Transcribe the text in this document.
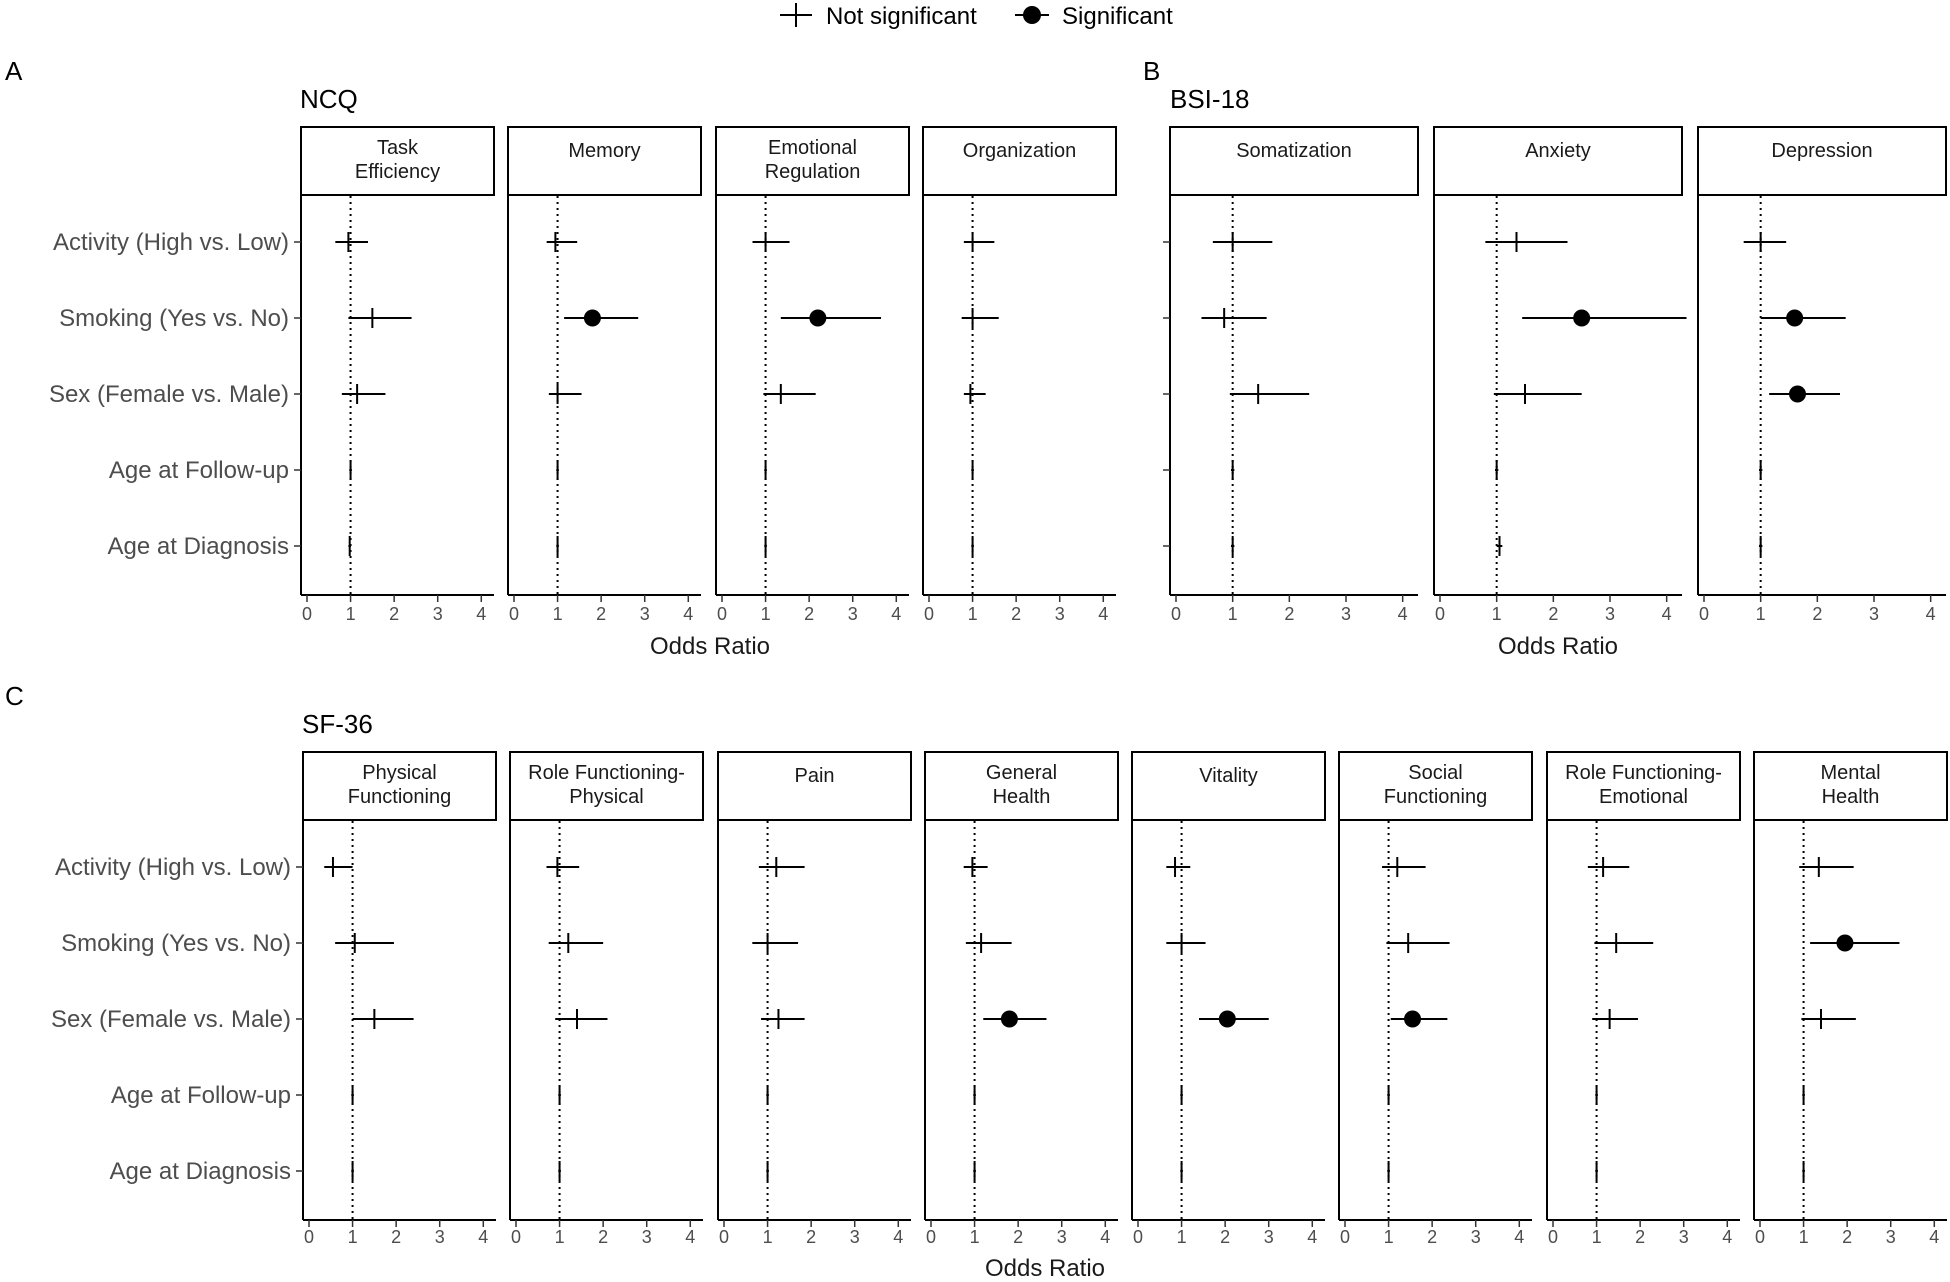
Not significant	Significant
A
NCQ
Activity (High vs. Low)
Smoking (Yes vs. No)
Sex (Female vs. Male)
Age at Follow-up
Age at Diagnosis
Task
Efficiency
0 1 2 3 4
Memory
0 1 2 3 4
Emotional
Regulation
0 1 2 3 4
Organization
0 1 2 3 4
Odds Ratio
B
BSI-18
Somatization
0	1	2	3	4
Anxiety
0	1	2	3	4
Depression
0	1	2	3	4
Odds Ratio
C
SF-36
Activity (High vs. Low)
Smoking (Yes vs. No)
Sex (Female vs. Male)
Age at Follow-up
Age at Diagnosis
Physical
Functioning
0 1 2 3 4
Role Functioning-
Physical
0 1 2 3 4
Pain
0 1 2 3 4
General
Health
0 1 2 3 4
Vitality
0 1 2 3 4
Social
Functioning
0 1 2 3 4
Role Functioning-
Emotional
0 1 2 3 4
Mental
Health
0 1 2 3 4
Odds Ratio
